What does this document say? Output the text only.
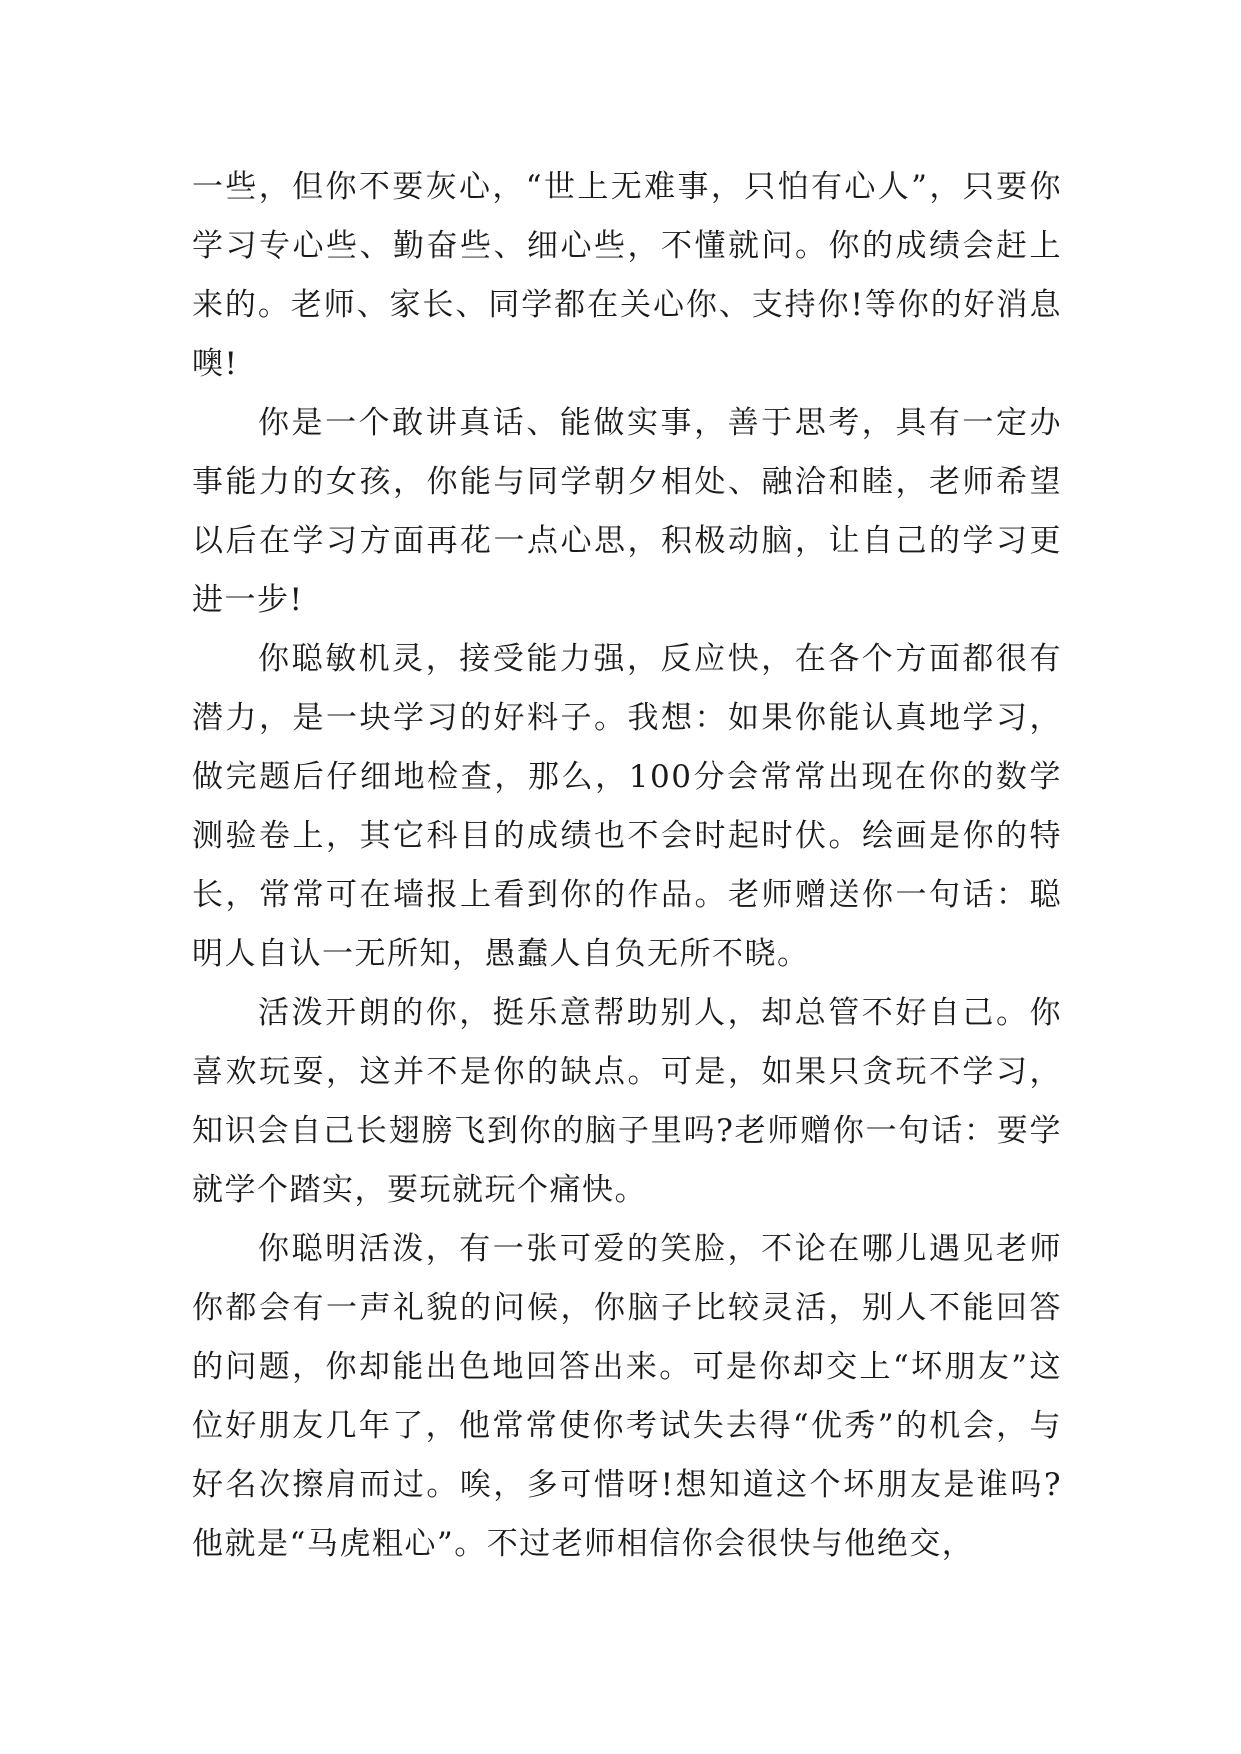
一些，但你不要灰心，“世上无难事，只怕有心人”，只要你学习专心些、勤奋些、细心些，不懂就问。你的成绩会赶上来的。老师、家长、同学都在关心你、支持你!等你的好消息噢!

你是一个敢讲真话、能做实事，善于思考，具有一定办事能力的女孩，你能与同学朝夕相处、融洽和睦，老师希望以后在学习方面再花一点心思，积极动脑，让自己的学习更进一步!

你聪敏机灵，接受能力强，反应快，在各个方面都很有潜力，是一块学习的好料子。我想：如果你能认真地学习，做完题后仔细地检查，那么，100分会常常出现在你的数学测验卷上，其它科目的成绩也不会时起时伏。绘画是你的特长，常常可在墙报上看到你的作品。老师赠送你一句话：聪明人自认一无所知，愚蠢人自负无所不晓。

活泼开朗的你，挺乐意帮助别人，却总管不好自己。你喜欢玩耍，这并不是你的缺点。可是，如果只贪玩不学习，知识会自己长翅膀飞到你的脑子里吗?老师赠你一句话：要学就学个踏实，要玩就玩个痛快。

你聪明活泼，有一张可爱的笑脸，不论在哪儿遇见老师你都会有一声礼貌的问候，你脑子比较灵活，别人不能回答的问题，你却能出色地回答出来。可是你却交上“坏朋友”这位好朋友几年了，他常常使你考试失去得“优秀”的机会，与好名次擦肩而过。唉，多可惜呀!想知道这个坏朋友是谁吗?他就是“马虎粗心”。不过老师相信你会很快与他绝交，
